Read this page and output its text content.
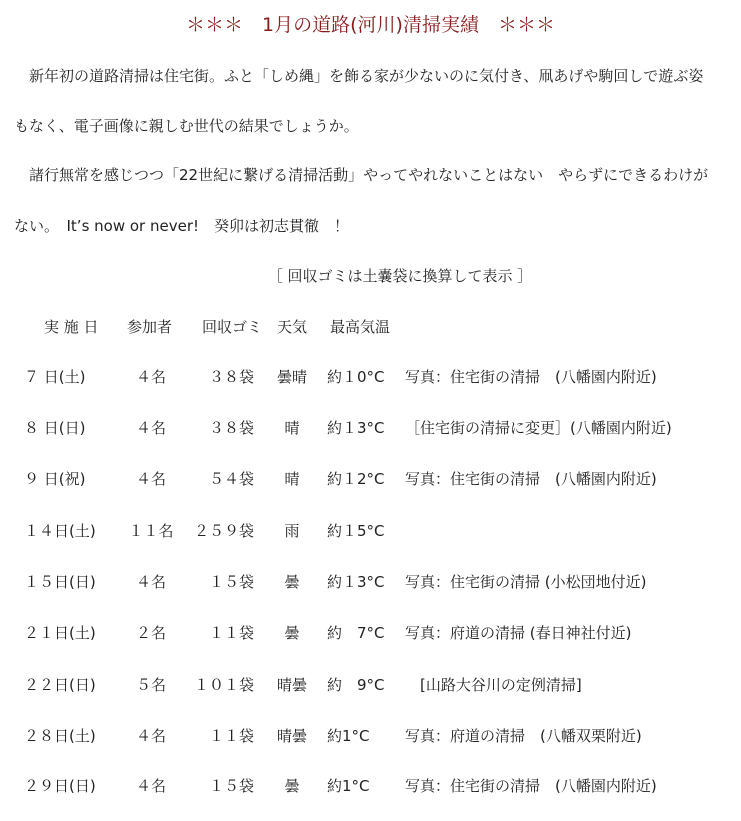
＊＊＊　1月の道路(河川)清掃実績　＊＊＊
　新年初の道路清掃は住宅街。ふと「しめ縄」を飾る家が少ないのに気付き、凧あげや駒回しで遊ぶ姿
もなく、電子画像に親しむ世代の結果でしょうか。
　諸行無常を感じつつ「22世紀に繋げる清掃活動」やってやれないことはない　やらずにできるわけが
ない。　It’s now or never!　癸卯は初志貫徹　！
［ 回収ゴミは土嚢袋に換算して表示 ］
実 施 日 参加者 回収ゴミ 天気 最高気温
７ 日(土)	４名	３８袋	曇晴	約１0°C 写真：住宅街の清掃　(八幡園内附近)
８ 日(日)	４名	３８袋	晴	約１3°C ［住宅街の清掃に変更］(八幡園内附近)
９ 日(祝)	４名	５４袋	晴	約１2°C 写真：住宅街の清掃　(八幡園内附近)
１４日(土) １１名 ２５９袋	雨	約１5°C
１５日(日)	４名	１５袋	曇	約１3°C 写真：住宅街の清掃 (小松団地付近)
２１日(土)	２名	１１袋	曇	約　7°C 写真：府道の清掃 (春日神社付近)
２２日(日)	５名	１０１袋	晴曇	約　9°C 　[山路大谷川の定例清掃]
２８日(土)	４名	１１袋	晴曇	約1°C 写真：府道の清掃　(八幡双栗附近)
２９日(日)	４名	１５袋	曇	約1°C 写真：住宅街の清掃　(八幡園内附近)
